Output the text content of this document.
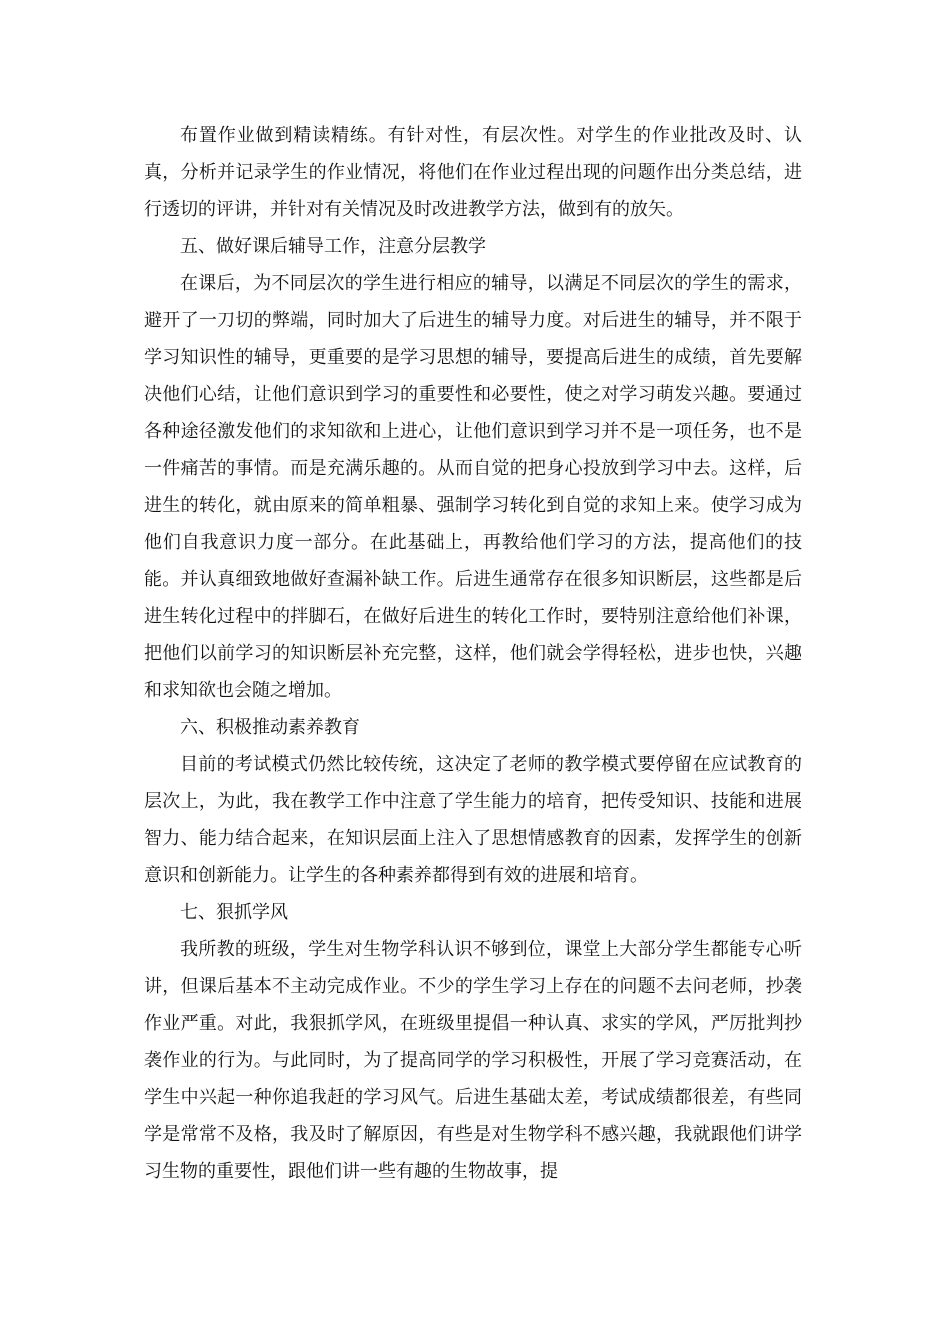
布置作业做到精读精练。有针对性，有层次性。对学生的作业批改及时、认真，分析并记录学生的作业情况，将他们在作业过程出现的问题作出分类总结，进行透切的评讲，并针对有关情况及时改进教学方法，做到有的放矢。

五、做好课后辅导工作，注意分层教学

在课后，为不同层次的学生进行相应的辅导，以满足不同层次的学生的需求，避开了一刀切的弊端，同时加大了后进生的辅导力度。对后进生的辅导，并不限于学习知识性的辅导，更重要的是学习思想的辅导，要提高后进生的成绩，首先要解决他们心结，让他们意识到学习的重要性和必要性，使之对学习萌发兴趣。要通过各种途径激发他们的求知欲和上进心，让他们意识到学习并不是一项任务，也不是一件痛苦的事情。而是充满乐趣的。从而自觉的把身心投放到学习中去。这样，后进生的转化，就由原来的简单粗暴、强制学习转化到自觉的求知上来。使学习成为他们自我意识力度一部分。在此基础上，再教给他们学习的方法，提高他们的技能。并认真细致地做好查漏补缺工作。后进生通常存在很多知识断层，这些都是后进生转化过程中的拌脚石，在做好后进生的转化工作时，要特别注意给他们补课，把他们以前学习的知识断层补充完整，这样，他们就会学得轻松，进步也快，兴趣和求知欲也会随之增加。

六、积极推动素养教育

目前的考试模式仍然比较传统，这决定了老师的教学模式要停留在应试教育的层次上，为此，我在教学工作中注意了学生能力的培育，把传受知识、技能和进展智力、能力结合起来，在知识层面上注入了思想情感教育的因素，发挥学生的创新意识和创新能力。让学生的各种素养都得到有效的进展和培育。

七、狠抓学风

我所教的班级，学生对生物学科认识不够到位，课堂上大部分学生都能专心听讲，但课后基本不主动完成作业。不少的学生学习上存在的问题不去问老师，抄袭作业严重。对此，我狠抓学风，在班级里提倡一种认真、求实的学风，严厉批判抄袭作业的行为。与此同时，为了提高同学的学习积极性，开展了学习竞赛活动，在学生中兴起一种你追我赶的学习风气。后进生基础太差，考试成绩都很差，有些同学是常常不及格，我及时了解原因，有些是对生物学科不感兴趣，我就跟他们讲学习生物的重要性，跟他们讲一些有趣的生物故事，提
